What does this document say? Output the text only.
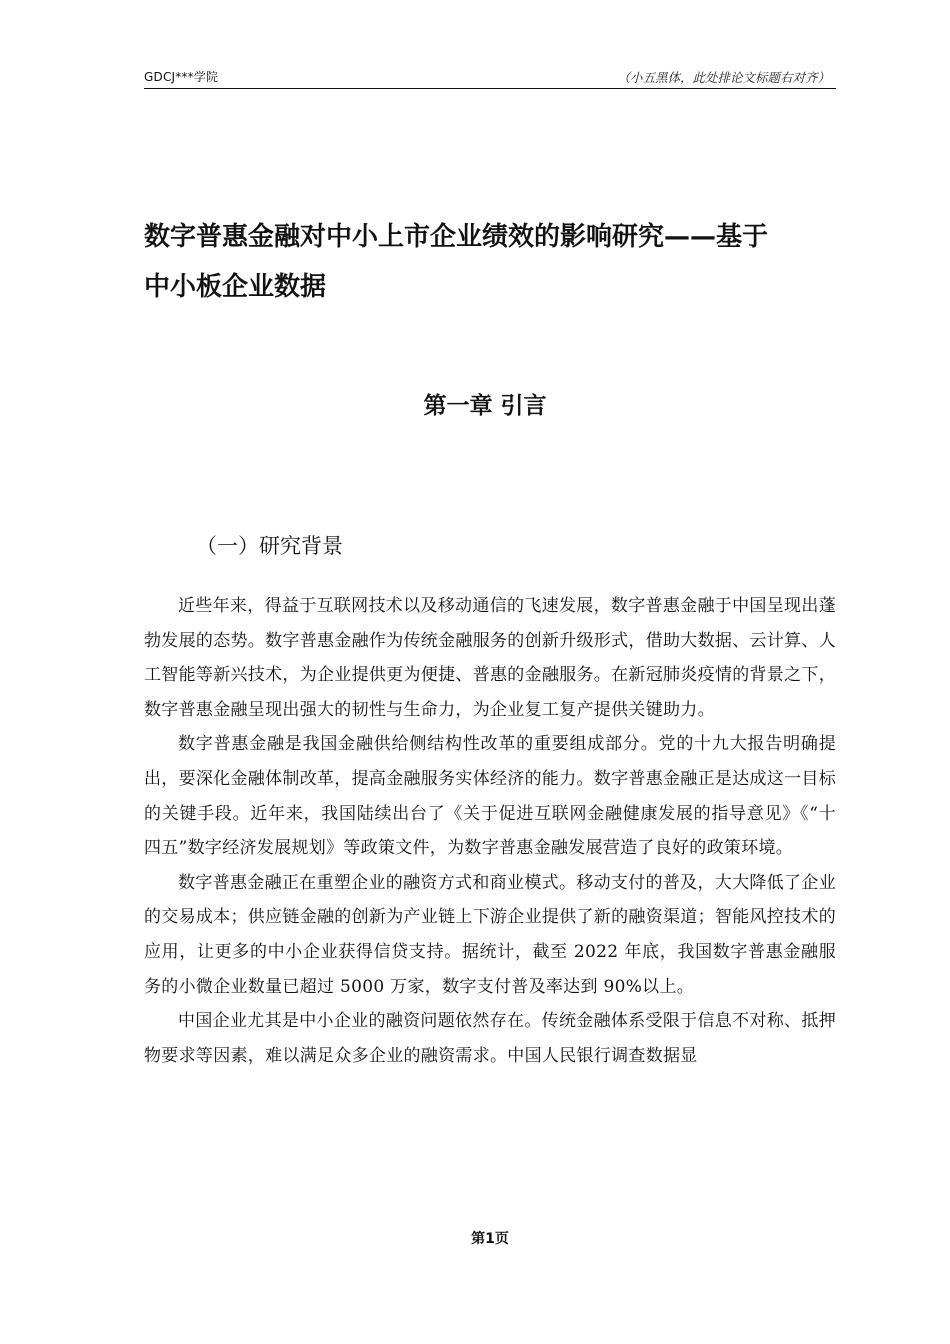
GDCJ***学院	（小五黑体，此处排论文标题右对齐）
数字普惠金融对中小上市企业绩效的影响研究——基于
中小板企业数据
第一章 引言
（一）研究背景

近些年来，得益于互联网技术以及移动通信的飞速发展，数字普惠金融于中国呈现出蓬勃发展的态势。数字普惠金融作为传统金融服务的创新升级形式，借助大数据、云计算、人工智能等新兴技术，为企业提供更为便捷、普惠的金融服务。在新冠肺炎疫情的背景之下，数字普惠金融呈现出强大的韧性与生命力，为企业复工复产提供关键助力。

数字普惠金融是我国金融供给侧结构性改革的重要组成部分。党的十九大报告明确提出，要深化金融体制改革，提高金融服务实体经济的能力。数字普惠金融正是达成这一目标的关键手段。近年来，我国陆续出台了《关于促进互联网金融健康发展的指导意见》《“十四五”数字经济发展规划》等政策文件，为数字普惠金融发展营造了良好的政策环境。

数字普惠金融正在重塑企业的融资方式和商业模式。移动支付的普及，大大降低了企业的交易成本；供应链金融的创新为产业链上下游企业提供了新的融资渠道；智能风控技术的应用，让更多的中小企业获得信贷支持。据统计，截至 2022 年底，我国数字普惠金融服务的小微企业数量已超过 5000 万家，数字支付普及率达到 90%以上。

中国企业尤其是中小企业的融资问题依然存在。传统金融体系受限于信息不对称、抵押物要求等因素，难以满足众多企业的融资需求。中国人民银行调查数据显

第1页
